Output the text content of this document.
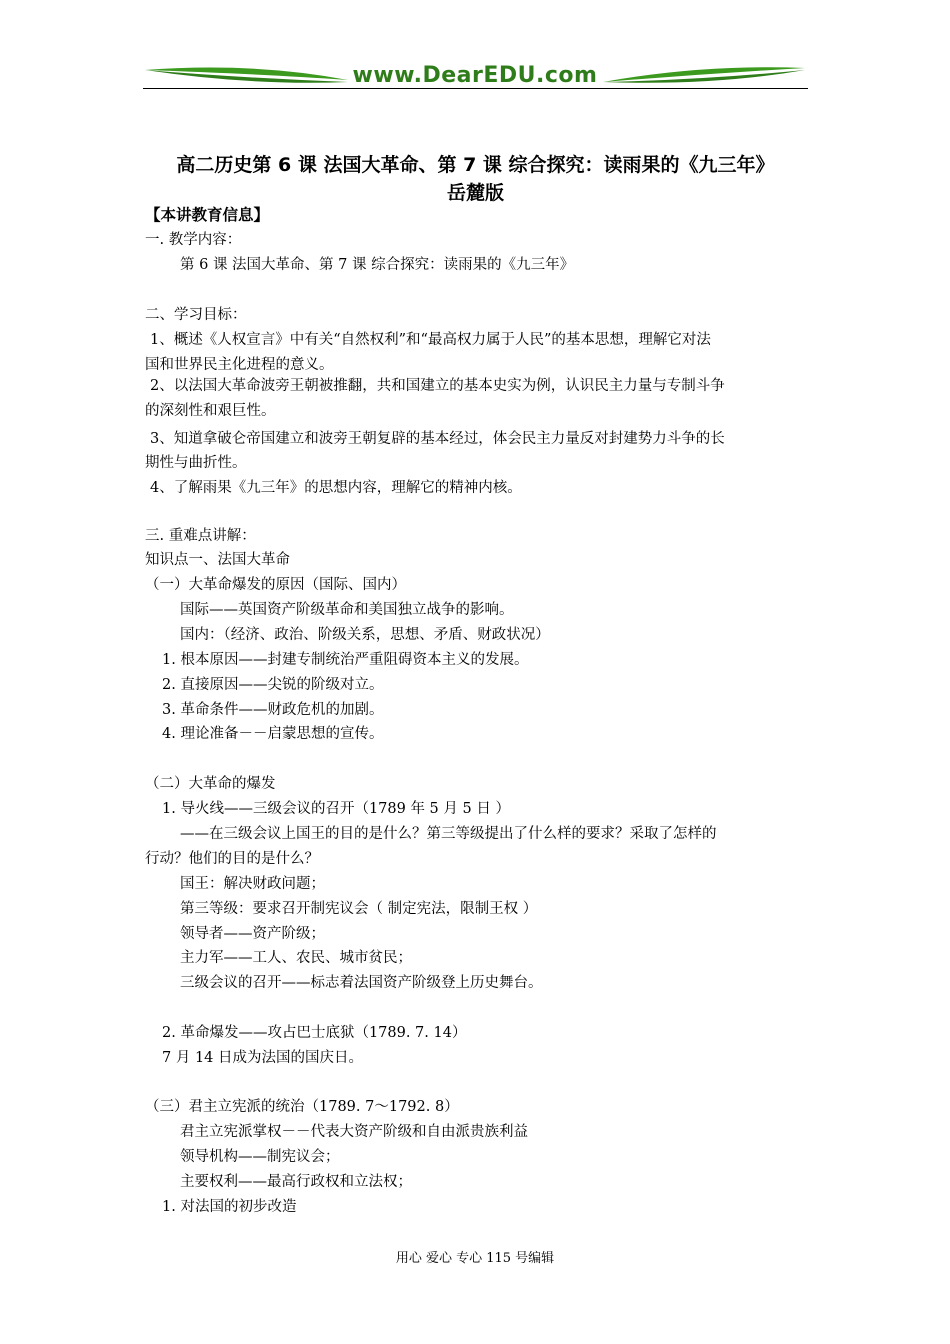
www.DearEDU.com
高二历史第 6 课 法国大革命、第 7 课 综合探究：读雨果的《九三年》
岳麓版
【本讲教育信息】
一. 教学内容：
第 6 课 法国大革命、第 7 课 综合探究：读雨果的《九三年》
二、学习目标：
1、概述《人权宣言》中有关“自然权利”和“最高权力属于人民”的基本思想，理解它对法
国和世界民主化进程的意义。
2、以法国大革命波旁王朝被推翻，共和国建立的基本史实为例，认识民主力量与专制斗争
的深刻性和艰巨性。
3、知道拿破仑帝国建立和波旁王朝复辟的基本经过，体会民主力量反对封建势力斗争的长
期性与曲折性。
4、了解雨果《九三年》的思想内容，理解它的精神内核。
三. 重难点讲解：
知识点一、法国大革命
（一）大革命爆发的原因（国际、国内）
国际——英国资产阶级革命和美国独立战争的影响。
国内：（经济、政治、阶级关系，思想、矛盾、财政状况）
1. 根本原因——封建专制统治严重阻碍资本主义的发展。
2. 直接原因——尖锐的阶级对立。
3. 革命条件——财政危机的加剧。
4. 理论准备－－启蒙思想的宣传。
（二）大革命的爆发
1. 导火线——三级会议的召开（1789 年 5 月 5 日 ）
——在三级会议上国王的目的是什么？第三等级提出了什么样的要求？采取了怎样的
行动？他们的目的是什么？
国王：解决财政问题；
第三等级：要求召开制宪议会（ 制定宪法，限制王权 ）
领导者——资产阶级；
主力军——工人、农民、城市贫民；
三级会议的召开——标志着法国资产阶级登上历史舞台。
2. 革命爆发——攻占巴士底狱（1789. 7. 14）
7 月 14 日成为法国的国庆日。
（三）君主立宪派的统治（1789. 7～1792. 8）
君主立宪派掌权－－代表大资产阶级和自由派贵族利益
领导机构——制宪议会；
主要权利——最高行政权和立法权；
1. 对法国的初步改造
用心 爱心 专心 115 号编辑
